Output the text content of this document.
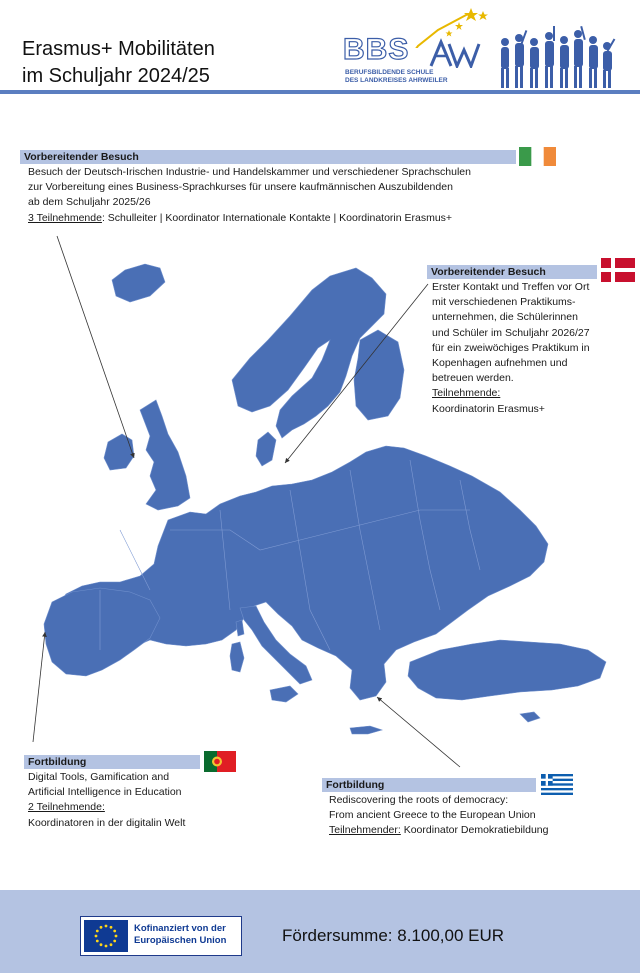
Erasmus+ Mobilitäten
im Schuljahr 2024/25
BBS
BERUFSBILDENDE SCHULE
DES LANDKREISES AHRWEILER
Vorbereitender Besuch
Besuch der Deutsch-Irischen Industrie- und Handelskammer und verschiedener Sprachschulen
zur Vorbereitung eines Business-Sprachkurses für unsere kaufmännischen Auszubildenden
ab dem Schuljahr 2025/26
3 Teilnehmende: Schulleiter | Koordinator Internationale Kontakte | Koordinatorin Erasmus+
Vorbereitender Besuch
Erster Kontakt und Treffen vor Ort
mit verschiedenen Praktikums-
unternehmen, die Schülerinnen
und Schüler im Schuljahr 2026/27
für ein zweiwöchiges Praktikum in
Kopenhagen aufnehmen und
betreuen werden.
Teilnehmende:
Koordinatorin Erasmus+
Fortbildung
Digital Tools, Gamification and
Artificial Intelligence in Education
2 Teilnehmende:
Koordinatoren in der digitalin Welt
Fortbildung
Rediscovering the roots of democracy:
From ancient Greece to the European Union
Teilnehmender: Koordinator Demokratiebildung
Kofinanziert von der
Europäischen Union	Fördersumme: 8.100,00 EUR
